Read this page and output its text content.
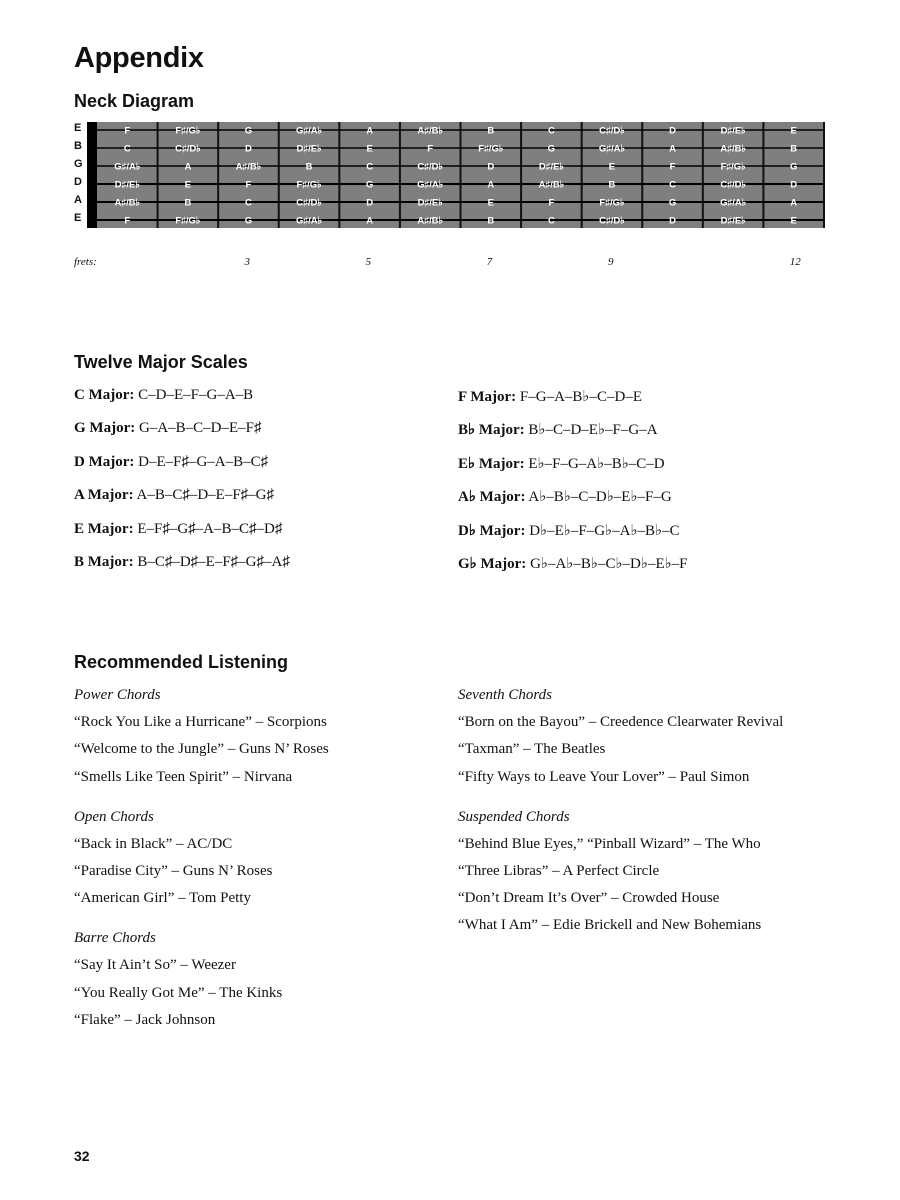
Appendix
Neck Diagram
E
B
G
D
A
E
F	F♯/G♭	G	G♯/A♭	A	A♯/B♭	B	C	C♯/D♭	D	D♯/E♭	E
C	C♯/D♭	D	D♯/E♭	E	F	F♯/G♭	G	G♯/A♭	A	A♯/B♭	B
G♯/A♭	A	A♯/B♭	B	C	C♯/D♭	D	D♯/E♭	E	F	F♯/G♭	G
D♯/E♭	E	F	F♯/G♭	G	G♯/A♭	A	A♯/B♭	B	C	C♯/D♭	D
A♯/B♭	B	C	C♯/D♭	D	D♯/E♭	E	F	F♯/G♭	G	G♯/A♭	A
F	F♯/G♭	G	G♯/A♭	A	A♯/B♭	B	C	C♯/D♭	D	D♯/E♭	E
frets:	3	5	7	9	12
Twelve Major Scales
C Major: C–D–E–F–G–A–B
G Major: G–A–B–C–D–E–F♯
D Major: D–E–F♯–G–A–B–C♯
A Major: A–B–C♯–D–E–F♯–G♯
E Major: E–F♯–G♯–A–B–C♯–D♯
B Major: B–C♯–D♯–E–F♯–G♯–A♯
F Major: F–G–A–B♭–C–D–E
B♭ Major: B♭–C–D–E♭–F–G–A
E♭ Major: E♭–F–G–A♭–B♭–C–D
A♭ Major: A♭–B♭–C–D♭–E♭–F–G
D♭ Major: D♭–E♭–F–G♭–A♭–B♭–C
G♭ Major: G♭–A♭–B♭–C♭–D♭–E♭–F
Recommended Listening
Power Chords
“Rock You Like a Hurricane” – Scorpions
“Welcome to the Jungle” – Guns N’ Roses
“Smells Like Teen Spirit” – Nirvana
Open Chords
“Back in Black” – AC/DC
“Paradise City” – Guns N’ Roses
“American Girl” – Tom Petty
Barre Chords
“Say It Ain’t So” – Weezer
“You Really Got Me” – The Kinks
“Flake” – Jack Johnson
Seventh Chords
“Born on the Bayou” – Creedence Clearwater Revival
“Taxman” – The Beatles
“Fifty Ways to Leave Your Lover” – Paul Simon
Suspended Chords
“Behind Blue Eyes,” “Pinball Wizard” – The Who
“Three Libras” – A Perfect Circle
“Don’t Dream It’s Over” – Crowded House
“What I Am” – Edie Brickell and New Bohemians
32
